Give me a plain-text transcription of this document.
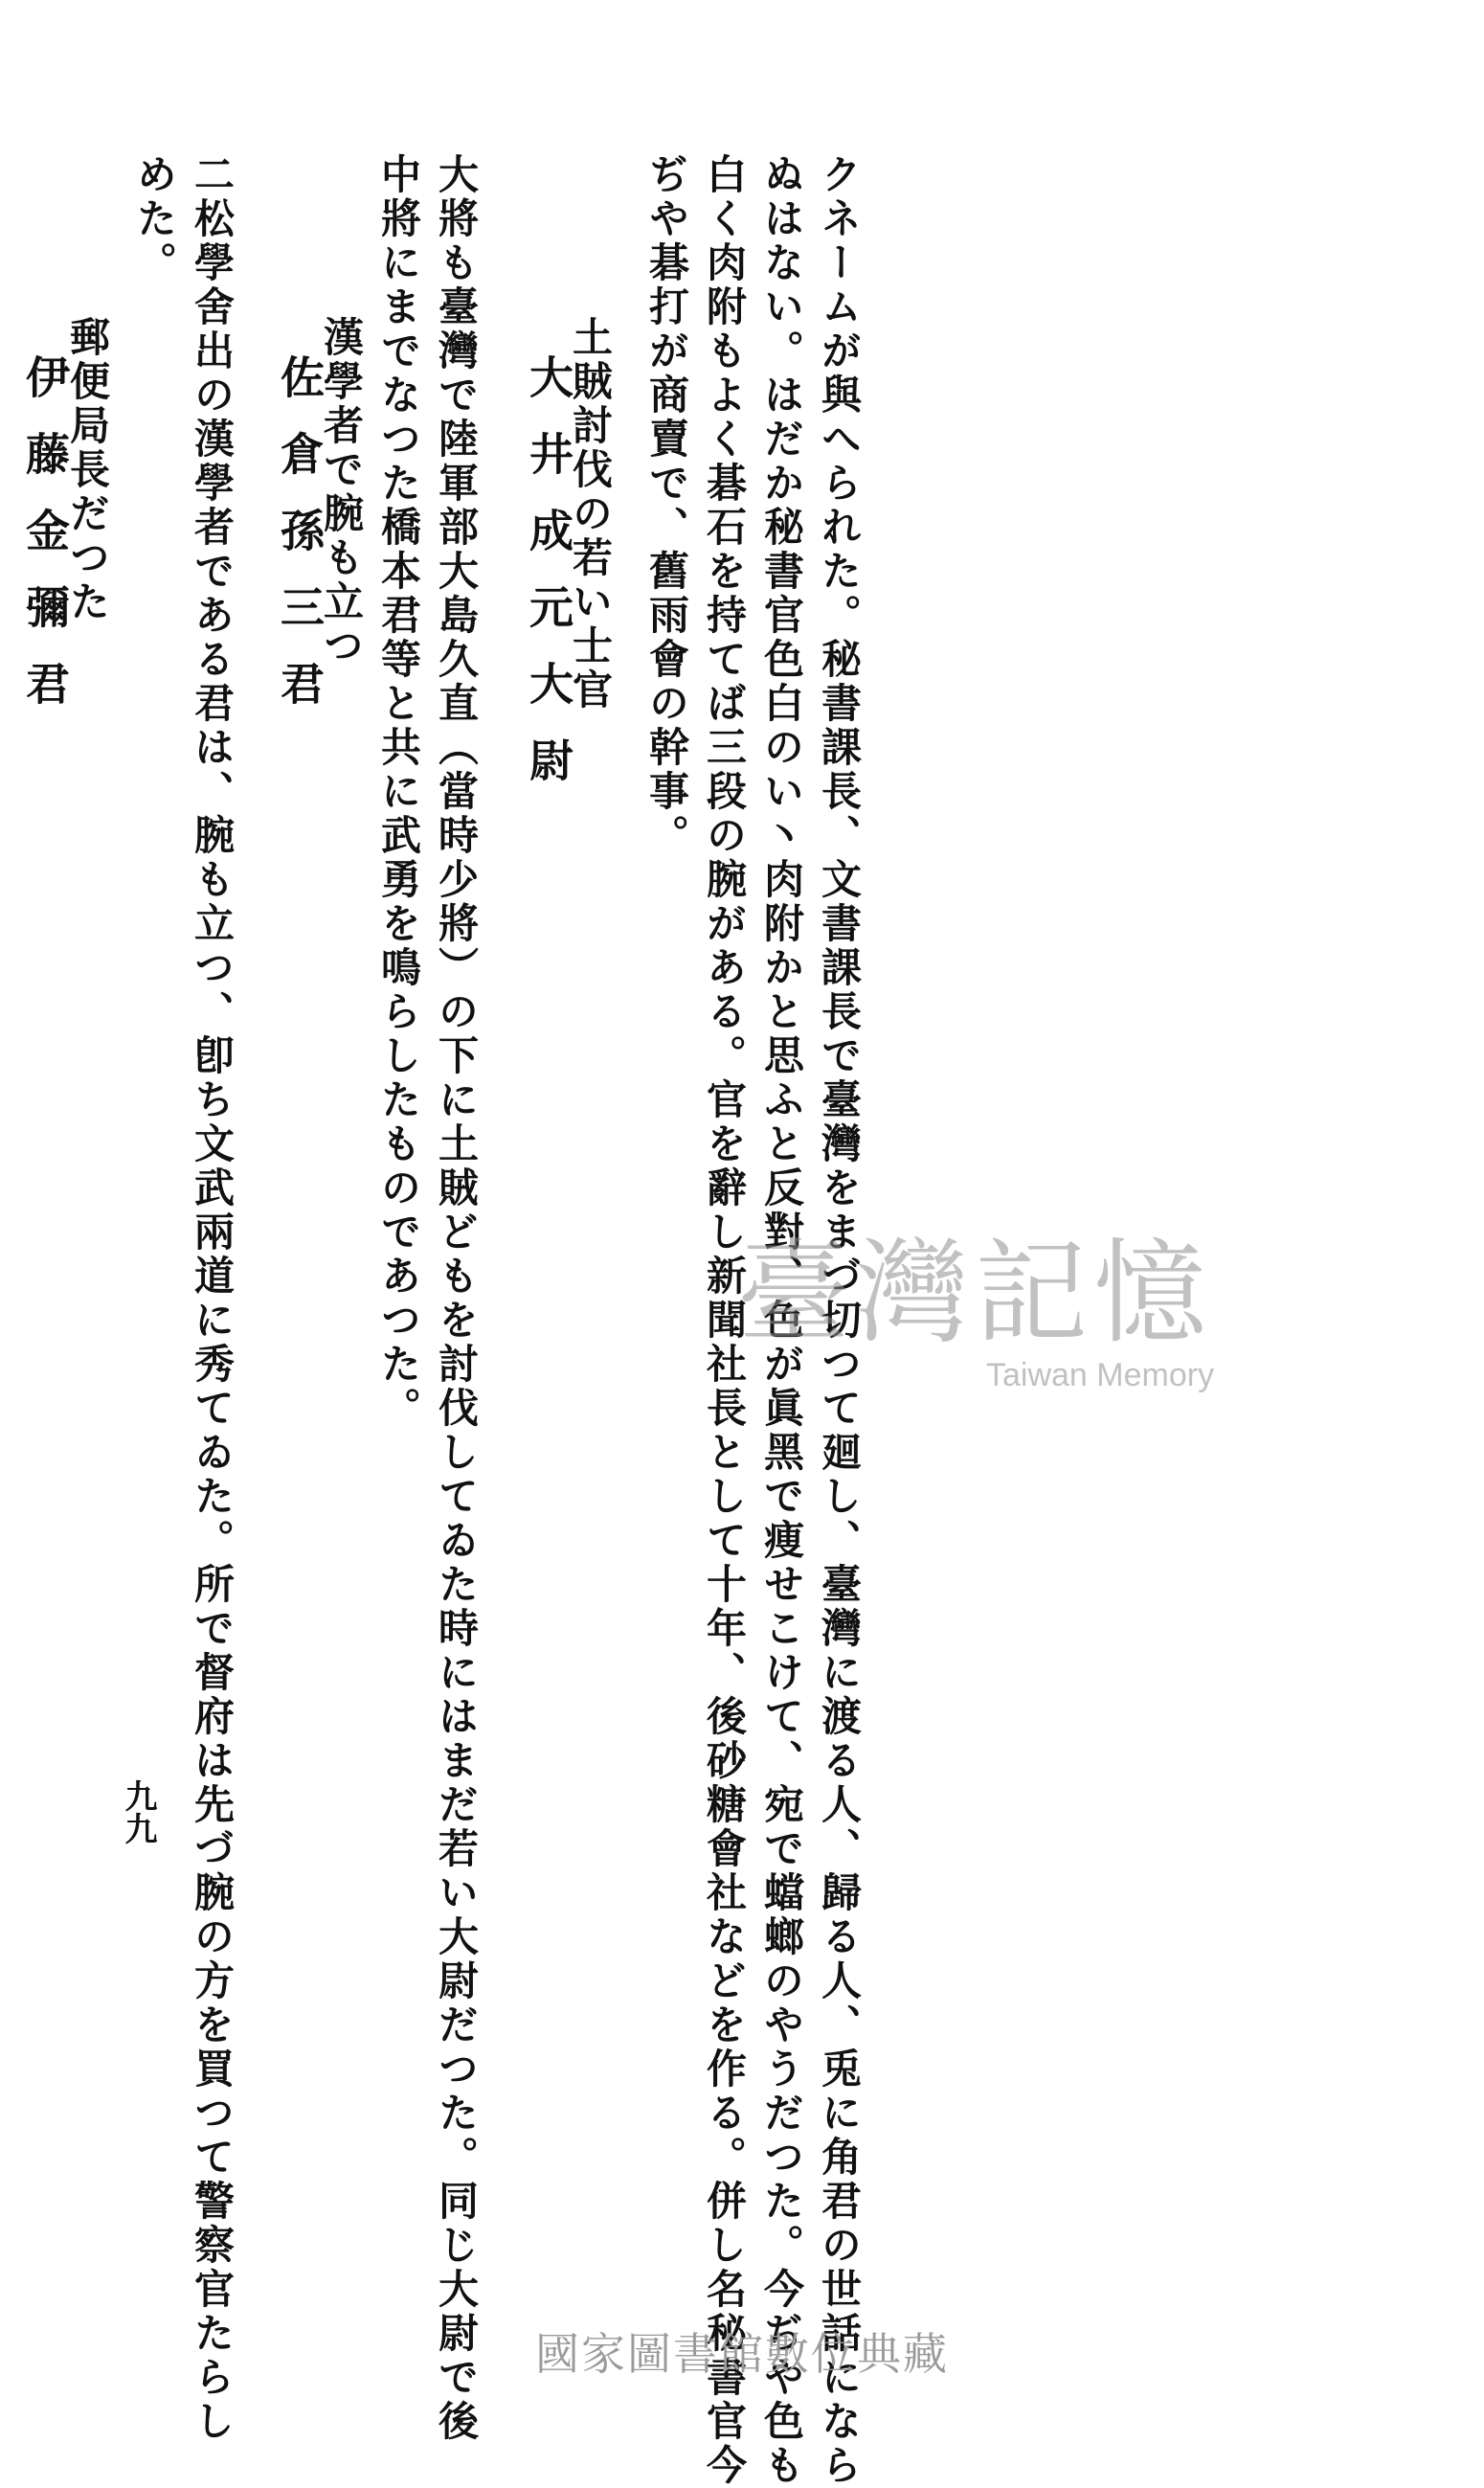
クネームが與へられた。秘書課長、文書課長で臺灣をまづ切つて廻し、臺灣に渡る人、歸る人、兎に角君の世話になら
ぬはない。はだか秘書官色白のい丶肉附かと思ふと反對、色が眞黑で痩せこけて、宛で蟷螂のやうだつた。今ぢや色も
白く肉附もよく碁石を持てば三段の腕がある。官を辭し新聞社長として十年、後砂糖會社などを作る。併し名秘書官今
ぢや碁打が商賣で、舊雨會の幹事。
土賊討伐の若い士官
大井成元大尉
大將も臺灣で陸軍部大島久直（當時少將）の下に土賊どもを討伐してゐた時にはまだ若い大尉だつた。同じ大尉で後
中將にまでなつた橋本君等と共に武勇を鳴らしたものであつた。
漢學者で腕も立つ
佐倉孫三君
二松學舍出の漢學者である君は、腕も立つ、卽ち文武兩道に秀てゐた。所で督府は先づ腕の方を買つて警察官たらし
めた。
郵便局長だつた
伊藤金彌君
九九
臺灣記憶
Taiwan Memory
國家圖書館數位典藏
